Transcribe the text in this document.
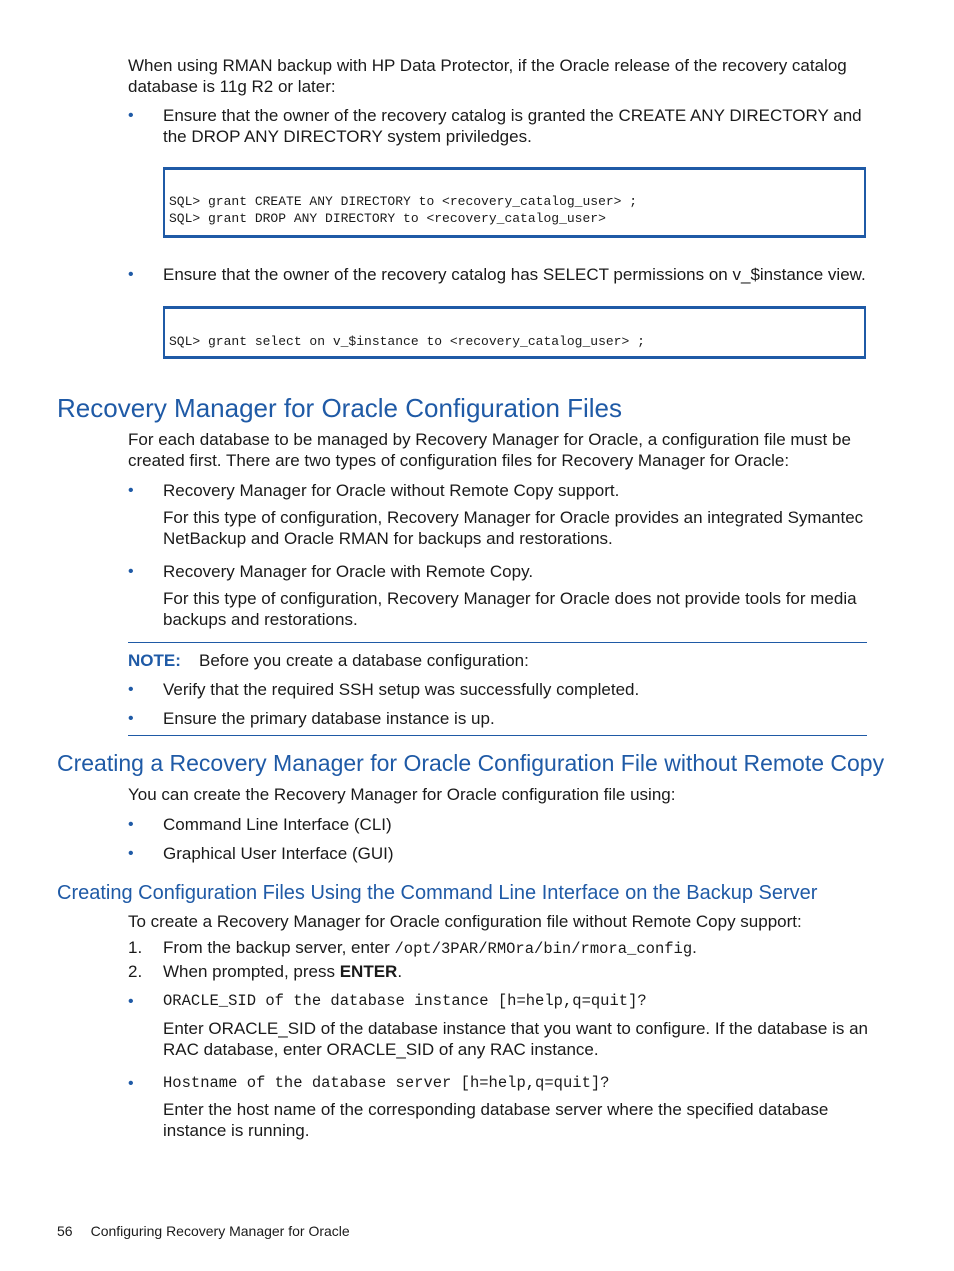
When using RMAN backup with HP Data Protector, if the Oracle release of the recovery catalog database is 11g R2 or later:
• Ensure that the owner of the recovery catalog is granted the CREATE ANY DIRECTORY and the DROP ANY DIRECTORY system priviledges.
SQL> grant CREATE ANY DIRECTORY to <recovery_catalog_user> ;
SQL> grant DROP ANY DIRECTORY to <recovery_catalog_user>
• Ensure that the owner of the recovery catalog has SELECT permissions on v_$instance view.
SQL> grant select on v_$instance to <recovery_catalog_user> ;
Recovery Manager for Oracle Configuration Files
For each database to be managed by Recovery Manager for Oracle, a configuration file must be created first. There are two types of configuration files for Recovery Manager for Oracle:
• Recovery Manager for Oracle without Remote Copy support.
For this type of configuration, Recovery Manager for Oracle provides an integrated Symantec NetBackup and Oracle RMAN for backups and restorations.
• Recovery Manager for Oracle with Remote Copy.
For this type of configuration, Recovery Manager for Oracle does not provide tools for media backups and restorations.
NOTE: Before you create a database configuration:
• Verify that the required SSH setup was successfully completed.
• Ensure the primary database instance is up.
Creating a Recovery Manager for Oracle Configuration File without Remote Copy
You can create the Recovery Manager for Oracle configuration file using:
• Command Line Interface (CLI)
• Graphical User Interface (GUI)
Creating Configuration Files Using the Command Line Interface on the Backup Server
To create a Recovery Manager for Oracle configuration file without Remote Copy support:
1. From the backup server, enter /opt/3PAR/RMOra/bin/rmora_config.
2. When prompted, press ENTER.
• ORACLE_SID of the database instance [h=help,q=quit]?
Enter ORACLE_SID of the database instance that you want to configure. If the database is an RAC database, enter ORACLE_SID of any RAC instance.
• Hostname of the database server [h=help,q=quit]?
Enter the host name of the corresponding database server where the specified database instance is running.
56 Configuring Recovery Manager for Oracle
